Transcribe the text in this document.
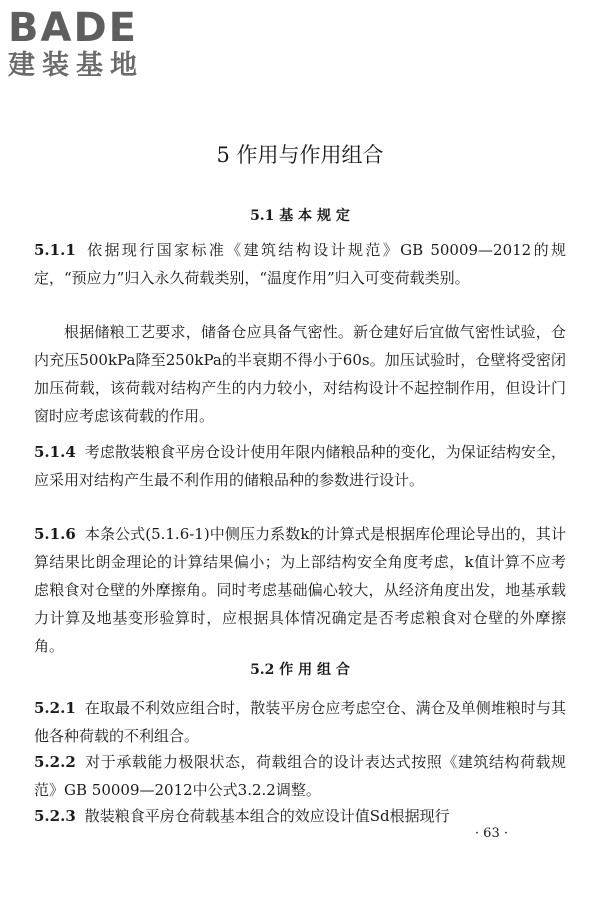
BADE
建装基地
5 作用与作用组合
5.1 基 本 规 定
5.1.1 依据现行国家标准《建筑结构设计规范》GB 50009—2012的规定，“预应力”归入永久荷载类别，“温度作用”归入可变荷载类别。
根据储粮工艺要求，储备仓应具备气密性。新仓建好后宜做气密性试验，仓内充压500kPa降至250kPa的半衰期不得小于60s。加压试验时，仓壁将受密闭加压荷载，该荷载对结构产生的内力较小，对结构设计不起控制作用，但设计门窗时应考虑该荷载的作用。
5.1.4 考虑散装粮食平房仓设计使用年限内储粮品种的变化，为保证结构安全，应采用对结构产生最不利作用的储粮品种的参数进行设计。
5.1.6 本条公式(5.1.6-1)中侧压力系数k的计算式是根据库伦理论导出的，其计算结果比朗金理论的计算结果偏小；为上部结构安全角度考虑，k值计算不应考虑粮食对仓壁的外摩擦角。同时考虑基础偏心较大，从经济角度出发，地基承载力计算及地基变形验算时，应根据具体情况确定是否考虑粮食对仓壁的外摩擦角。
5.2 作 用 组 合
5.2.1 在取最不利效应组合时，散装平房仓应考虑空仓、满仓及单侧堆粮时与其他各种荷载的不利组合。
5.2.2 对于承载能力极限状态，荷载组合的设计表达式按照《建筑结构荷载规范》GB 50009—2012中公式3.2.2调整。
5.2.3 散装粮食平房仓荷载基本组合的效应设计值Sd根据现行
· 63 ·
